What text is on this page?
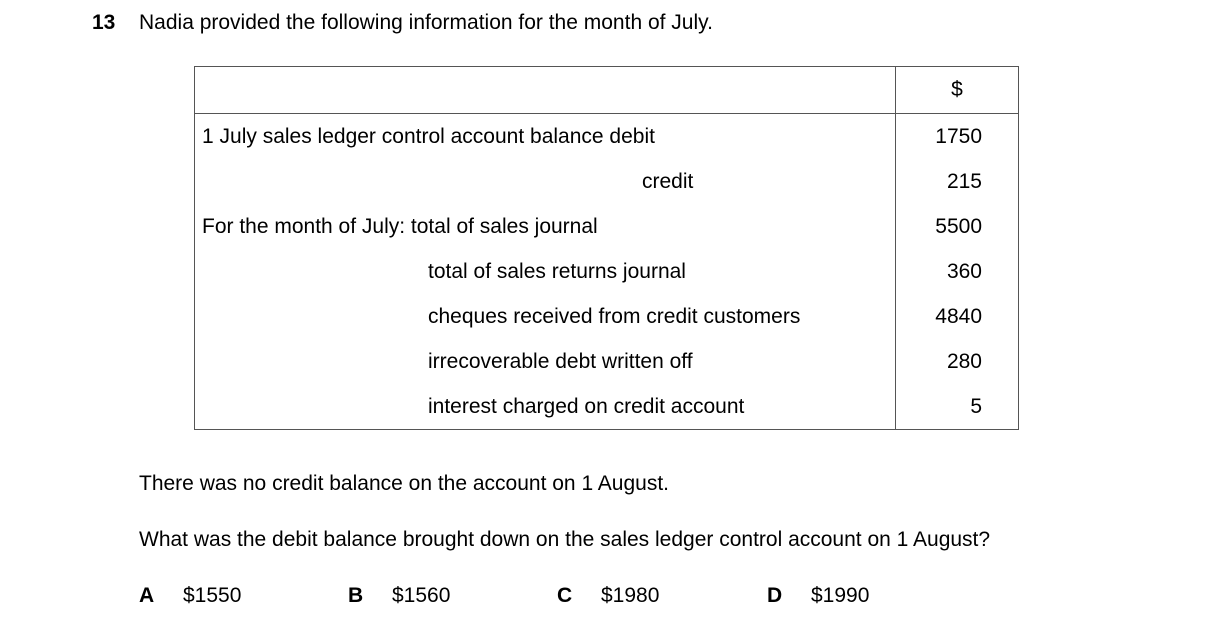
13 Nadia provided the following information for the month of July.
	$
1 July sales ledger control account balance debit	1750
credit	215
For the month of July: total of sales journal	5500
total of sales returns journal	360
cheques received from credit customers	4840
irrecoverable debt written off	280
interest charged on credit account	5
There was no credit balance on the account on 1 August.
What was the debit balance brought down on the sales ledger control account on 1 August?
A $1550	B $1560	C $1980	D $1990
